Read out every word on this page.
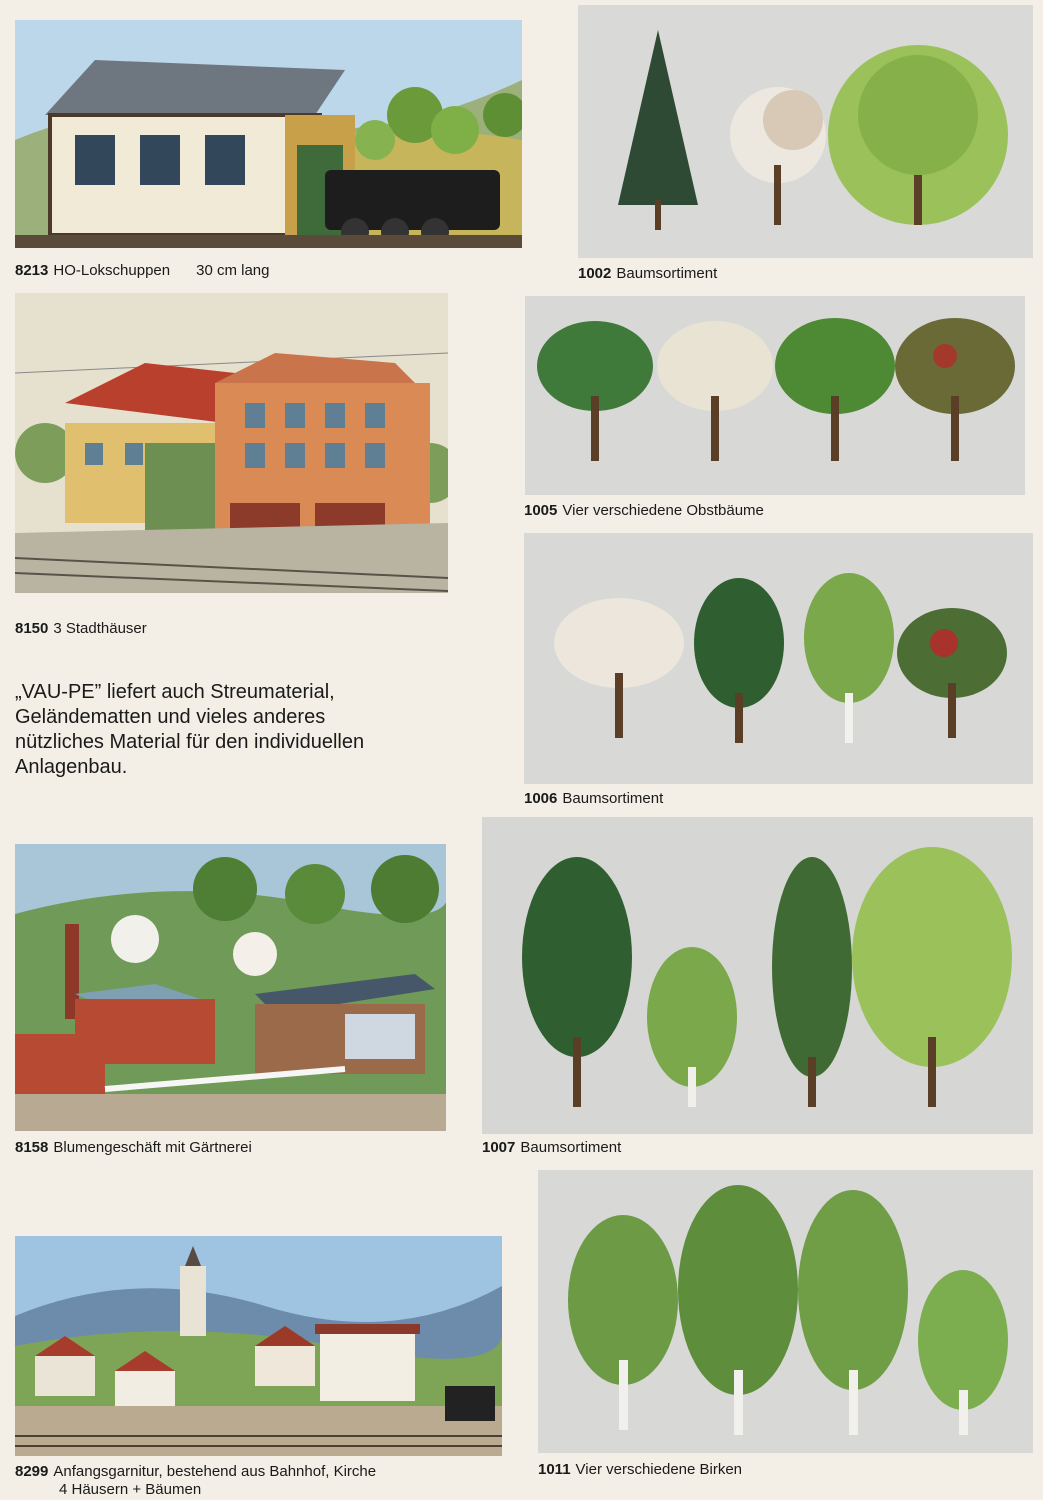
8213 HO-Lokschuppen 30 cm lang	1002 Baumsortiment
8150 3 Stadthäuser
1005 Vier verschiedene Obstbäume
1006 Baumsortiment
8158 Blumengeschäft mit Gärtnerei	1007 Baumsortiment
8299 Anfangsgarnitur, bestehend aus Bahnhof, Kirche
4 Häusern + Bäumen
1011 Vier verschiedene Birken
„VAU-PE” liefert auch Streumaterial,
Geländematten und vieles anderes
nützliches Material für den individuellen
Anlagenbau.
